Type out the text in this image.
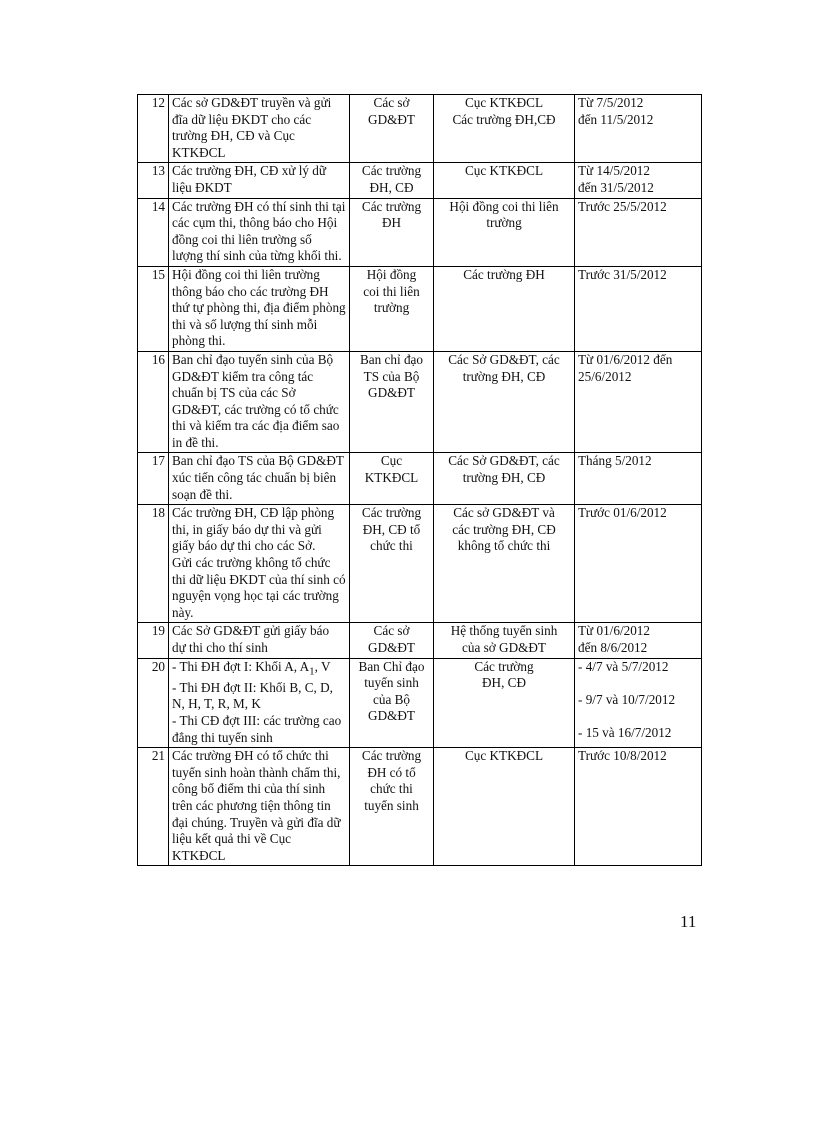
12	Các sở GD&ĐT truyền và gửi đĩa dữ liệu ĐKDT cho các trường ĐH, CĐ và Cục KTKĐCL	Các sở
GD&ĐT	Cục KTKĐCL
Các trường ĐH,CĐ	Từ 7/5/2012
đến 11/5/2012

13	Các trường ĐH, CĐ xử lý dữ liệu ĐKDT	Các trường
ĐH, CĐ	Cục KTKĐCL	Từ 14/5/2012
đến 31/5/2012

14	Các trường ĐH có thí sinh thi tại các cụm thi, thông báo cho Hội đồng coi thi liên trường số lượng thí sinh của từng khối thi.	Các trường
ĐH	Hội đồng coi thi liên
trường	Trước 25/5/2012

15	Hội đồng coi thi liên trường thông báo cho các trường ĐH thứ tự phòng thi, địa điểm phòng thi và số lượng thí sinh mỗi phòng thi.	Hội đồng
coi thi liên
trường	Các trường ĐH	Trước 31/5/2012

16	Ban chỉ đạo tuyển sinh của Bộ GD&ĐT kiểm tra công tác chuẩn bị TS của các Sở GD&ĐT, các trường có tổ chức thi và kiểm tra các địa điểm sao in đề thi.	Ban chỉ đạo
TS của Bộ
GD&ĐT	Các Sở GD&ĐT, các
trường ĐH, CĐ	Từ 01/6/2012 đến
25/6/2012

17	Ban chỉ đạo TS của Bộ GD&ĐT xúc tiến công tác chuẩn bị biên soạn đề thi.	Cục
KTKĐCL	Các Sở GD&ĐT, các
trường ĐH, CĐ	Tháng 5/2012

18	Các trường ĐH, CĐ lập phòng thi, in giấy báo dự thi và gửi giấy báo dự thi cho các Sở.
Gửi các trường không tổ chức thi dữ liệu ĐKDT của thí sinh có nguyện vọng học tại các trường này.	Các trường
ĐH, CĐ tổ
chức thi	Các sở GD&ĐT và
các trường ĐH, CĐ
không tổ chức thi	Trước 01/6/2012

19	Các Sở GD&ĐT gửi giấy báo dự thi cho thí sinh	Các sở
GD&ĐT	Hệ thống tuyển sinh
của sở GD&ĐT	Từ 01/6/2012
đến 8/6/2012

20	- Thi ĐH đợt I: Khối A, $A_1$, V
- Thi ĐH đợt II: Khối B, C, D, N, H, T, R, M, K
- Thi CĐ đợt III: các trường cao đẳng thi tuyển sinh	Ban Chỉ đạo
tuyển sinh
của Bộ
GD&ĐT	Các trường
ĐH, CĐ	- 4/7 và 5/7/2012
- 9/7 và 10/7/2012
- 15 và 16/7/2012

21	Các trường ĐH có tổ chức thi tuyển sinh hoàn thành chấm thi, công bố điểm thi của thí sinh trên các phương tiện thông tin đại chúng. Truyền và gửi đĩa dữ liệu kết quả thi về Cục KTKĐCL	Các trường
ĐH có tổ
chức thi
tuyển sinh	Cục KTKĐCL	Trước 10/8/2012
11
